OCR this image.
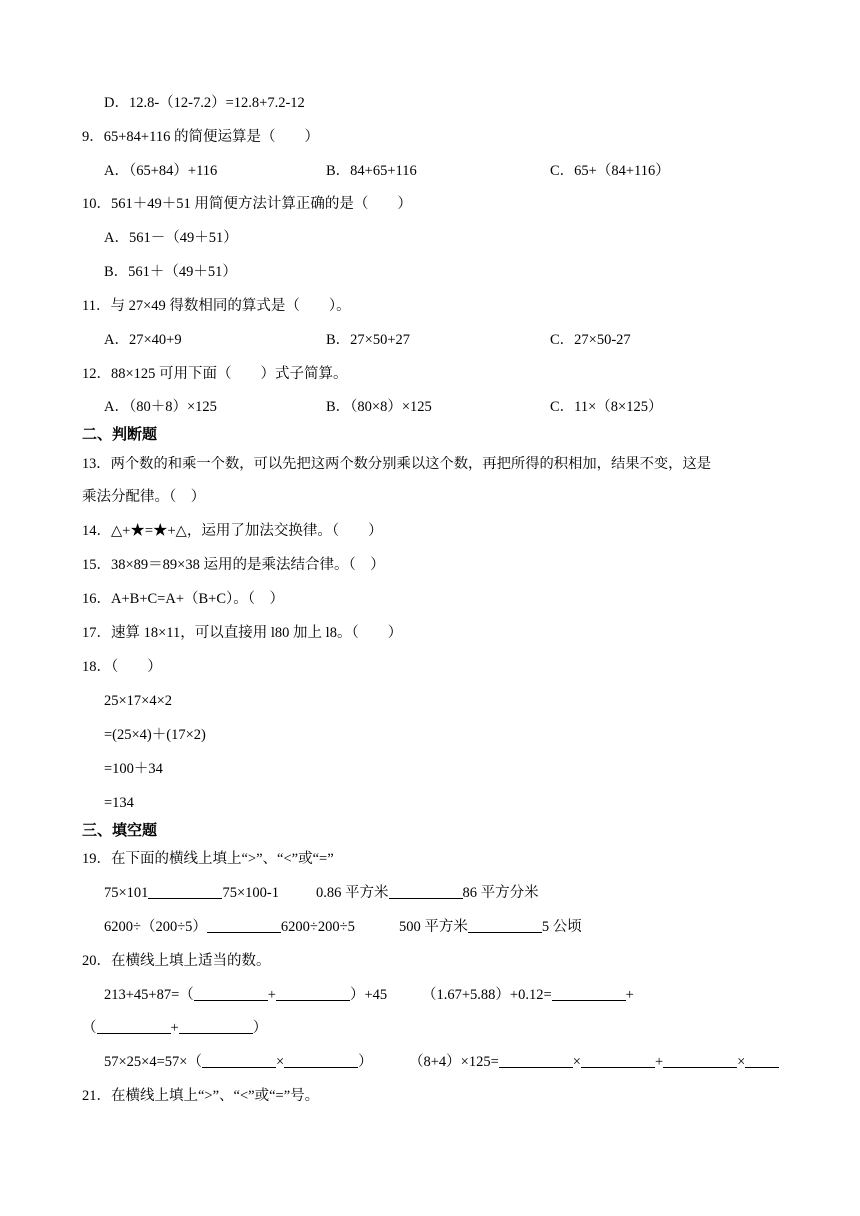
D．12.8-（12-7.2）=12.8+7.2-12
9．65+84+116 的简便运算是（　　）
A．（65+84）+116	B．84+65+116	C．65+（84+116）
10．561＋49＋51 用简便方法计算正确的是（　　）
A．561－（49＋51）
B．561＋（49＋51）
11．与 27×49 得数相同的算式是（　　）。
A．27×40+9	B．27×50+27	C．27×50-27
12．88×125 可用下面（　　）式子简算。
A．（80＋8）×125	B．（80×8）×125	C．11×（8×125）
二、判断题
13．两个数的和乘一个数，可以先把这两个数分别乘以这个数，再把所得的积相加，结果不变，这是
乘法分配律。（　）
14．△+★=★+△，运用了加法交换律。（　　）
15．38×89＝89×38 运用的是乘法结合律。（　）
16．A+B+C=A+（B+C）。（　）
17．速算 18×11，可以直接用 l80 加上 l8。（　　）
18．（　　）
25×17×4×2
=(25×4)＋(17×2)
=100＋34
=134
三、填空题
19．在下面的横线上填上“>”、“<”或“=”
75×101	75×100-1	0.86 平方米	86 平方分米
6200÷（200÷5）	6200÷200÷5	500 平方米	5 公顷
20．在横线上填上适当的数。
213+45+87=（	+	）+45 （1.67+5.88）+0.12=	+
（	+	）
57×25×4=57×（	×	）	（8+4）×125=	×	+	×
21．在横线上填上“>”、“<”或“=”号。
